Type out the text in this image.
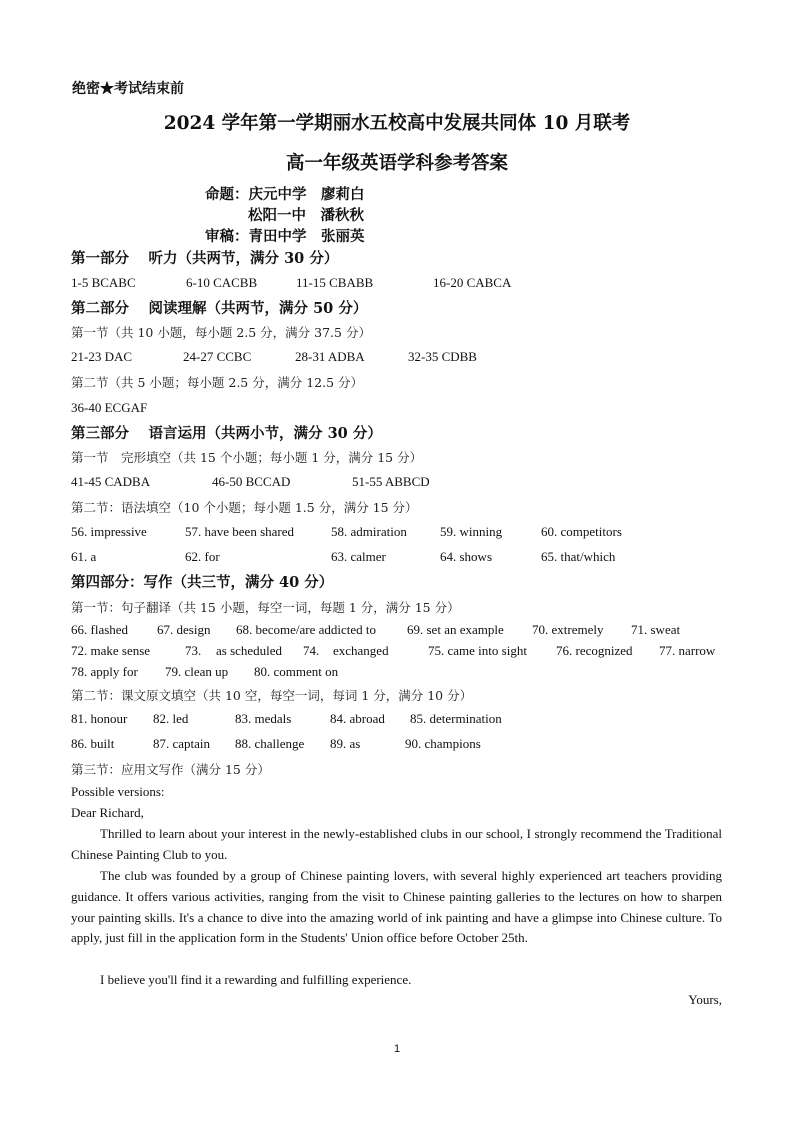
绝密★考试结束前
2024 学年第一学期丽水五校高中发展共同体 10 月联考
高一年级英语学科参考答案
命题：庆元中学　廖莉白
松阳一中　潘秋秋
审稿：青田中学　张丽英
第一部分　 听力（共两节，满分 30 分）
1-5 BCABC	6-10 CACBB	11-15 CBABB	16-20 CABCA
第二部分　 阅读理解（共两节，满分 50 分）
第一节（共 10 小题，每小题 2.5 分，满分 37.5 分）
21-23 DAC	24-27 CCBC	28-31 ADBA	32-35 CDBB
第二节（共 5 小题；每小题 2.5 分，满分 12.5 分）
36-40 ECGAF
第三部分　 语言运用（共两小节，满分 30 分）
第一节　完形填空（共 15 个小题；每小题 1 分，满分 15 分）
41-45 CADBA	46-50 BCCAD	51-55 ABBCD
第二节：语法填空（10 个小题；每小题 1.5 分，满分 15 分）
56. impressive	57. have been shared	58. admiration	59. winning	60. competitors
61. a	62. for	63. calmer	64. shows	65. that/which
第四部分：写作（共三节，满分 40 分）
第一节：句子翻译（共 15 小题，每空一词，每题 1 分，满分 15 分）
66. flashed 67. design 68. become/are addicted to 69. set an example 70. extremely 71. sweat
72. make sense	73. as scheduled 74. exchanged	75. came into sight 76. recognized 77. narrow
78. apply for 79. clean up 80. comment on
第二节：课文原文填空（共 10 空，每空一词，每词 1 分，满分 10 分）
81. honour 82. led	83. medals	84. abroad 85. determination
86. built	87. captain 88. challenge 89. as	90. champions
第三节：应用文写作（满分 15 分）
Possible versions:
Dear Richard,

Thrilled to learn about your interest in the newly-established clubs in our school, I strongly recommend the Traditional Chinese Painting Club to you.

The club was founded by a group of Chinese painting lovers, with several highly experienced art teachers providing guidance. It offers various activities, ranging from the visit to Chinese painting galleries to the lectures on how to sharpen your painting skills. It's a chance to dive into the amazing world of ink painting and have a glimpse into Chinese culture. To apply, just fill in the application form in the Students' Union office before October 25th.

I believe you'll find it a rewarding and fulfilling experience.

Yours,
1
